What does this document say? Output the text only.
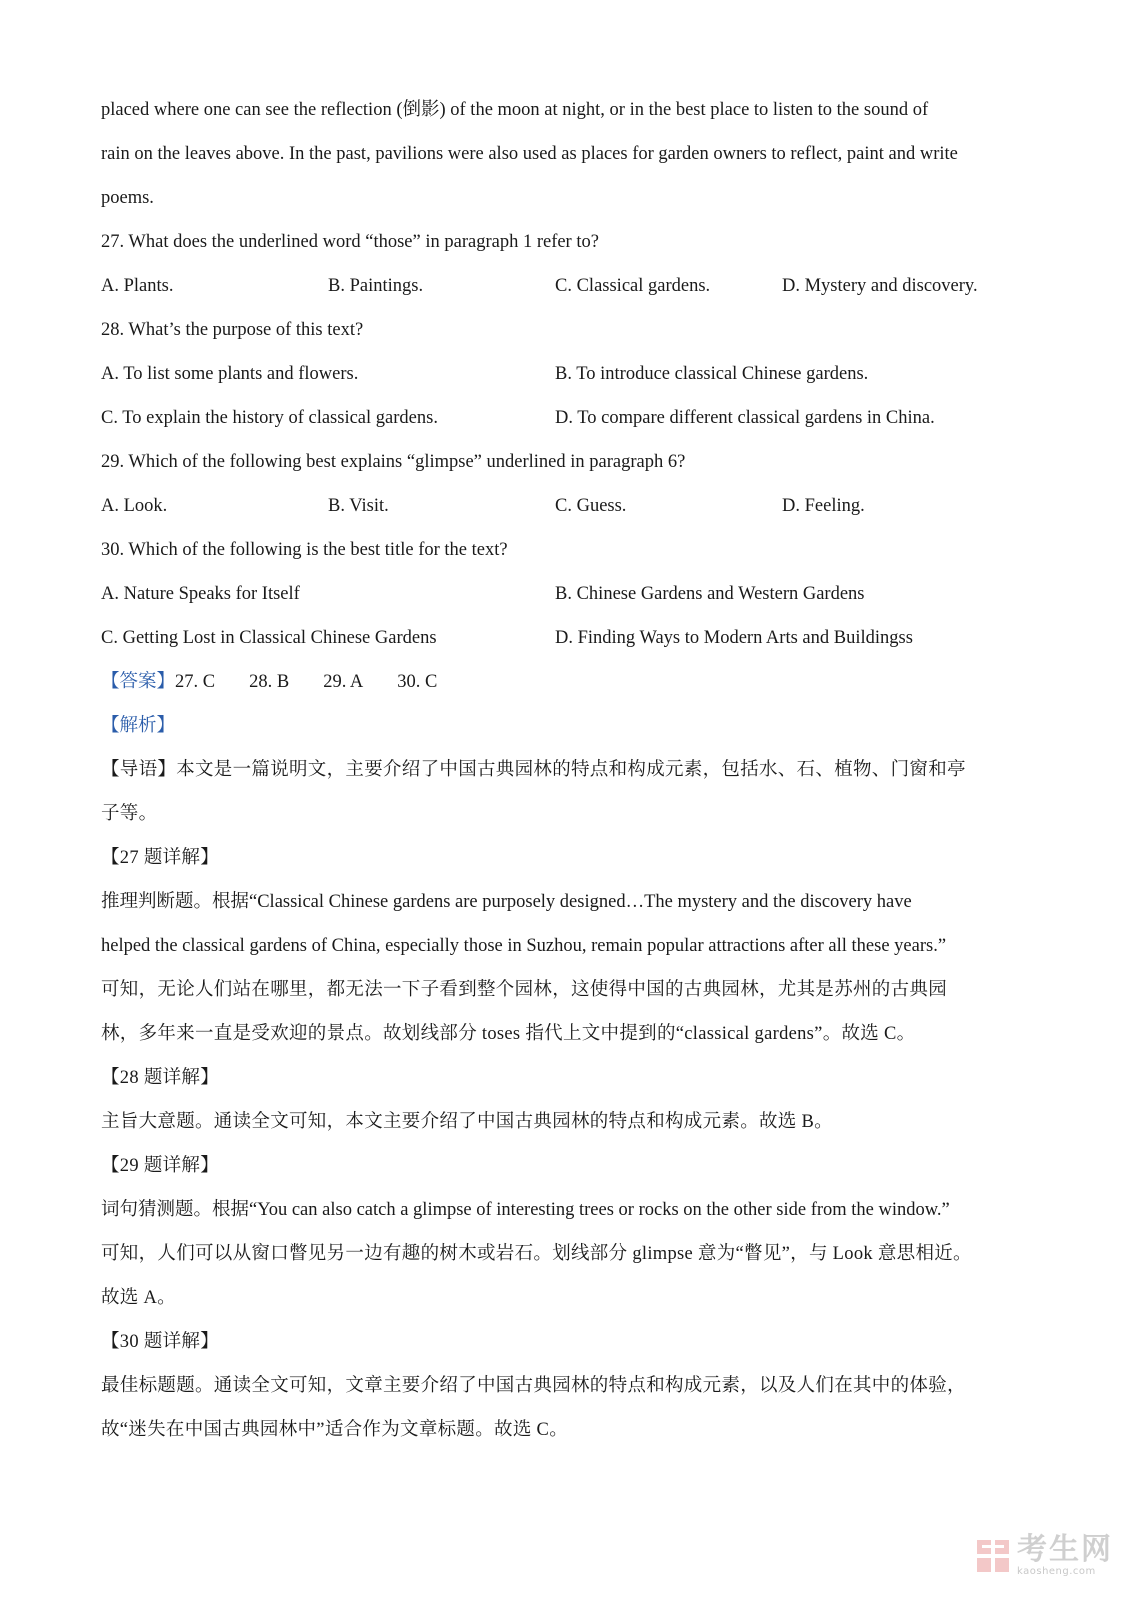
placed where one can see the reflection (倒影) of the moon at night, or in the best place to listen to the sound of
rain on the leaves above. In the past, pavilions were also used as places for garden owners to reflect, paint and write
poems.
27. What does the underlined word “those” in paragraph 1 refer to?
A. Plants.	B. Paintings.	C. Classical gardens.	D. Mystery and discovery.
28. What’s the purpose of this text?
A. To list some plants and flowers.	B. To introduce classical Chinese gardens.
C. To explain the history of classical gardens.	D. To compare different classical gardens in China.
29. Which of the following best explains “glimpse” underlined in paragraph 6?
A. Look.	B. Visit.	C. Guess.	D. Feeling.
30. Which of the following is the best title for the text?
A. Nature Speaks for Itself	B. Chinese Gardens and Western Gardens
C. Getting Lost in Classical Chinese Gardens	D. Finding Ways to Modern Arts and Buildingss
【答案】27. C 28. B 29. A 30. C
【解析】
【导语】本文是一篇说明文，主要介绍了中国古典园林的特点和构成元素，包括水、石、植物、门窗和亭
子等。
【27 题详解】
推理判断题。根据“Classical Chinese gardens are purposely designed…The mystery and the discovery have
helped the classical gardens of China, especially those in Suzhou, remain popular attractions after all these years.”
可知，无论人们站在哪里，都无法一下子看到整个园林，这使得中国的古典园林，尤其是苏州的古典园
林，多年来一直是受欢迎的景点。故划线部分 toses 指代上文中提到的“classical gardens”。故选 C。
【28 题详解】
主旨大意题。通读全文可知，本文主要介绍了中国古典园林的特点和构成元素。故选 B。
【29 题详解】
词句猜测题。根据“You can also catch a glimpse of interesting trees or rocks on the other side from the window.”
可知，人们可以从窗口瞥见另一边有趣的树木或岩石。划线部分 glimpse 意为“瞥见”，与 Look 意思相近。
故选 A。
【30 题详解】
最佳标题题。通读全文可知，文章主要介绍了中国古典园林的特点和构成元素，以及人们在其中的体验，
故“迷失在中国古典园林中”适合作为文章标题。故选 C。
考生网
kaosheng.com
